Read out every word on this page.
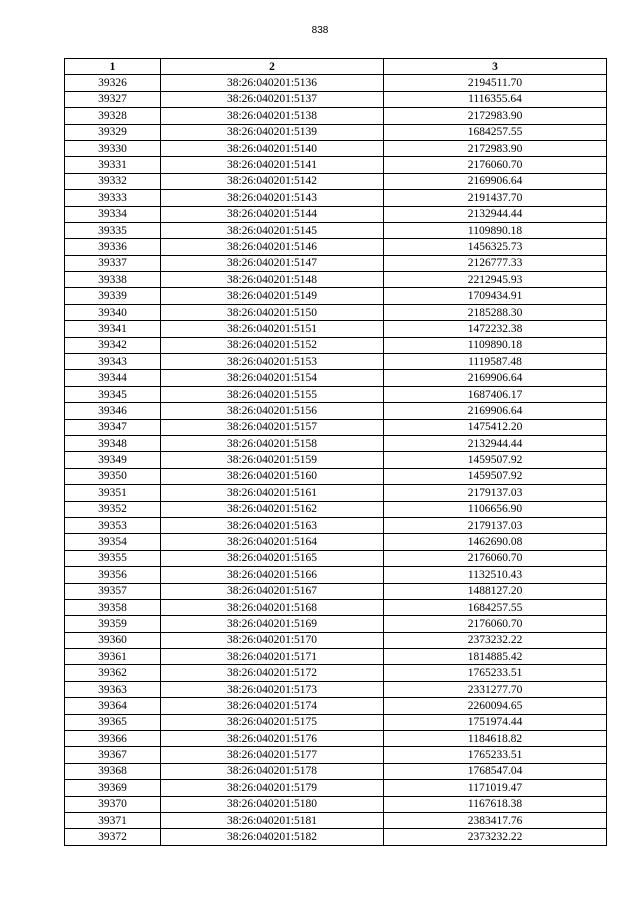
838
1	2	3
39326	38:26:040201:5136	2194511.70
39327	38:26:040201:5137	1116355.64
39328	38:26:040201:5138	2172983.90
39329	38:26:040201:5139	1684257.55
39330	38:26:040201:5140	2172983.90
39331	38:26:040201:5141	2176060.70
39332	38:26:040201:5142	2169906.64
39333	38:26:040201:5143	2191437.70
39334	38:26:040201:5144	2132944.44
39335	38:26:040201:5145	1109890.18
39336	38:26:040201:5146	1456325.73
39337	38:26:040201:5147	2126777.33
39338	38:26:040201:5148	2212945.93
39339	38:26:040201:5149	1709434.91
39340	38:26:040201:5150	2185288.30
39341	38:26:040201:5151	1472232.38
39342	38:26:040201:5152	1109890.18
39343	38:26:040201:5153	1119587.48
39344	38:26:040201:5154	2169906.64
39345	38:26:040201:5155	1687406.17
39346	38:26:040201:5156	2169906.64
39347	38:26:040201:5157	1475412.20
39348	38:26:040201:5158	2132944.44
39349	38:26:040201:5159	1459507.92
39350	38:26:040201:5160	1459507.92
39351	38:26:040201:5161	2179137.03
39352	38:26:040201:5162	1106656.90
39353	38:26:040201:5163	2179137.03
39354	38:26:040201:5164	1462690.08
39355	38:26:040201:5165	2176060.70
39356	38:26:040201:5166	1132510.43
39357	38:26:040201:5167	1488127.20
39358	38:26:040201:5168	1684257.55
39359	38:26:040201:5169	2176060.70
39360	38:26:040201:5170	2373232.22
39361	38:26:040201:5171	1814885.42
39362	38:26:040201:5172	1765233.51
39363	38:26:040201:5173	2331277.70
39364	38:26:040201:5174	2260094.65
39365	38:26:040201:5175	1751974.44
39366	38:26:040201:5176	1184618.82
39367	38:26:040201:5177	1765233.51
39368	38:26:040201:5178	1768547.04
39369	38:26:040201:5179	1171019.47
39370	38:26:040201:5180	1167618.38
39371	38:26:040201:5181	2383417.76
39372	38:26:040201:5182	2373232.22
